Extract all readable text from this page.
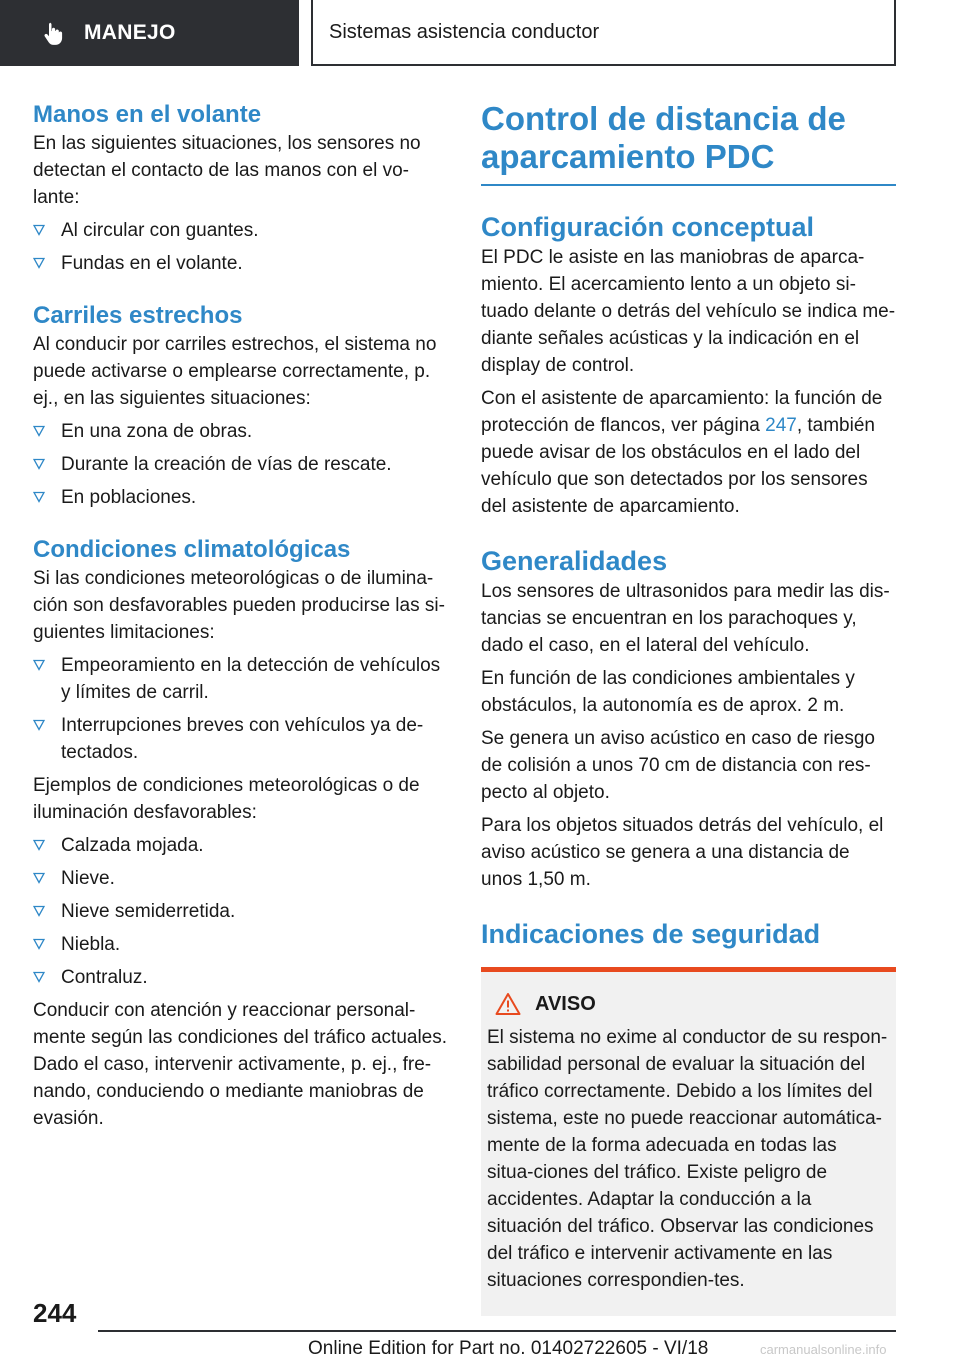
MANEJO	Sistemas asistencia conductor
Manos en el volante

En las siguientes situaciones, los sensores no detectan el contacto de las manos con el vo-lante:

Al circular con guantes.
Fundas en el volante.
Carriles estrechos

Al conducir por carriles estrechos, el sistema no puede activarse o emplearse correctamente, p. ej., en las siguientes situaciones:

En una zona de obras.
Durante la creación de vías de rescate.
En poblaciones.
Condiciones climatológicas

Si las condiciones meteorológicas o de ilumina-ción son desfavorables pueden producirse las si-guientes limitaciones:

Empeoramiento en la detección de vehículos y límites de carril.
Interrupciones breves con vehículos ya de-tectados.

Ejemplos de condiciones meteorológicas o de iluminación desfavorables:

Calzada mojada.
Nieve.
Nieve semiderretida.
Niebla.
Contraluz.

Conducir con atención y reaccionar personal-mente según las condiciones del tráfico actuales. Dado el caso, intervenir activamente, p. ej., fre-nando, conduciendo o mediante maniobras de evasión.

Control de distancia de aparcamiento PDC
Configuración conceptual

El PDC le asiste en las maniobras de aparca-miento. El acercamiento lento a un objeto si-tuado delante o detrás del vehículo se indica me-diante señales acústicas y la indicación en el display de control.

Con el asistente de aparcamiento: la función de protección de flancos, ver página 247, también puede avisar de los obstáculos en el lado del vehículo que son detectados por los sensores del asistente de aparcamiento.

Generalidades

Los sensores de ultrasonidos para medir las dis-tancias se encuentran en los parachoques y, dado el caso, en el lateral del vehículo.

En función de las condiciones ambientales y obstáculos, la autonomía es de aprox. 2 m.

Se genera un aviso acústico en caso de riesgo de colisión a unos 70 cm de distancia con res-pecto al objeto.

Para los objetos situados detrás del vehículo, el aviso acústico se genera a una distancia de unos 1,50 m.

Indicaciones de seguridad
AVISO

El sistema no exime al conductor de su respon-sabilidad personal de evaluar la situación del tráfico correctamente. Debido a los límites del sistema, este no puede reaccionar automática-mente de la forma adecuada en todas las situa-ciones del tráfico. Existe peligro de accidentes. Adaptar la conducción a la situación del tráfico. Observar las condiciones del tráfico e intervenir activamente en las situaciones correspondien-tes.

244
Online Edition for Part no. 01402722605 - VI/18	carmanualsonline.info
